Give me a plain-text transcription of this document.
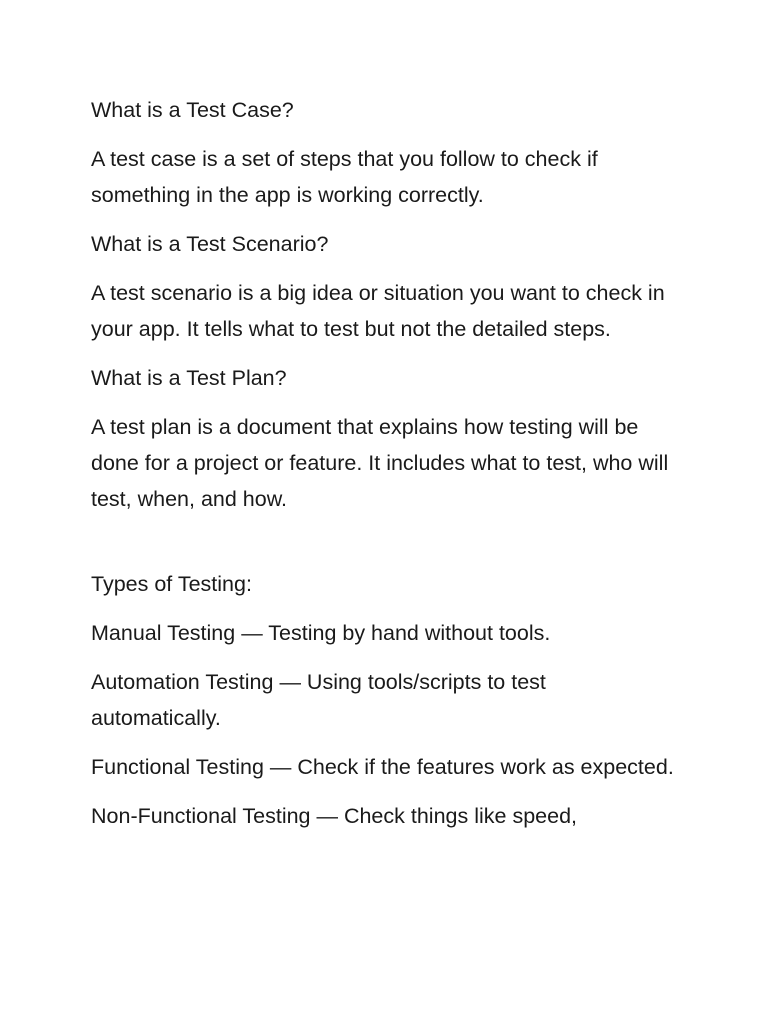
What is a Test Case?

A test case is a set of steps that you follow to check if something in the app is working correctly.

What is a Test Scenario?

A test scenario is a big idea or situation you want to check in your app. It tells what to test but not the detailed steps.

What is a Test Plan?

A test plan is a document that explains how testing will be done for a project or feature. It includes what to test, who will test, when, and how.

Types of Testing:

Manual Testing — Testing by hand without tools.

Automation Testing — Using tools/scripts to test automatically.

Functional Testing — Check if the features work as expected.

Non-Functional Testing — Check things like speed,
